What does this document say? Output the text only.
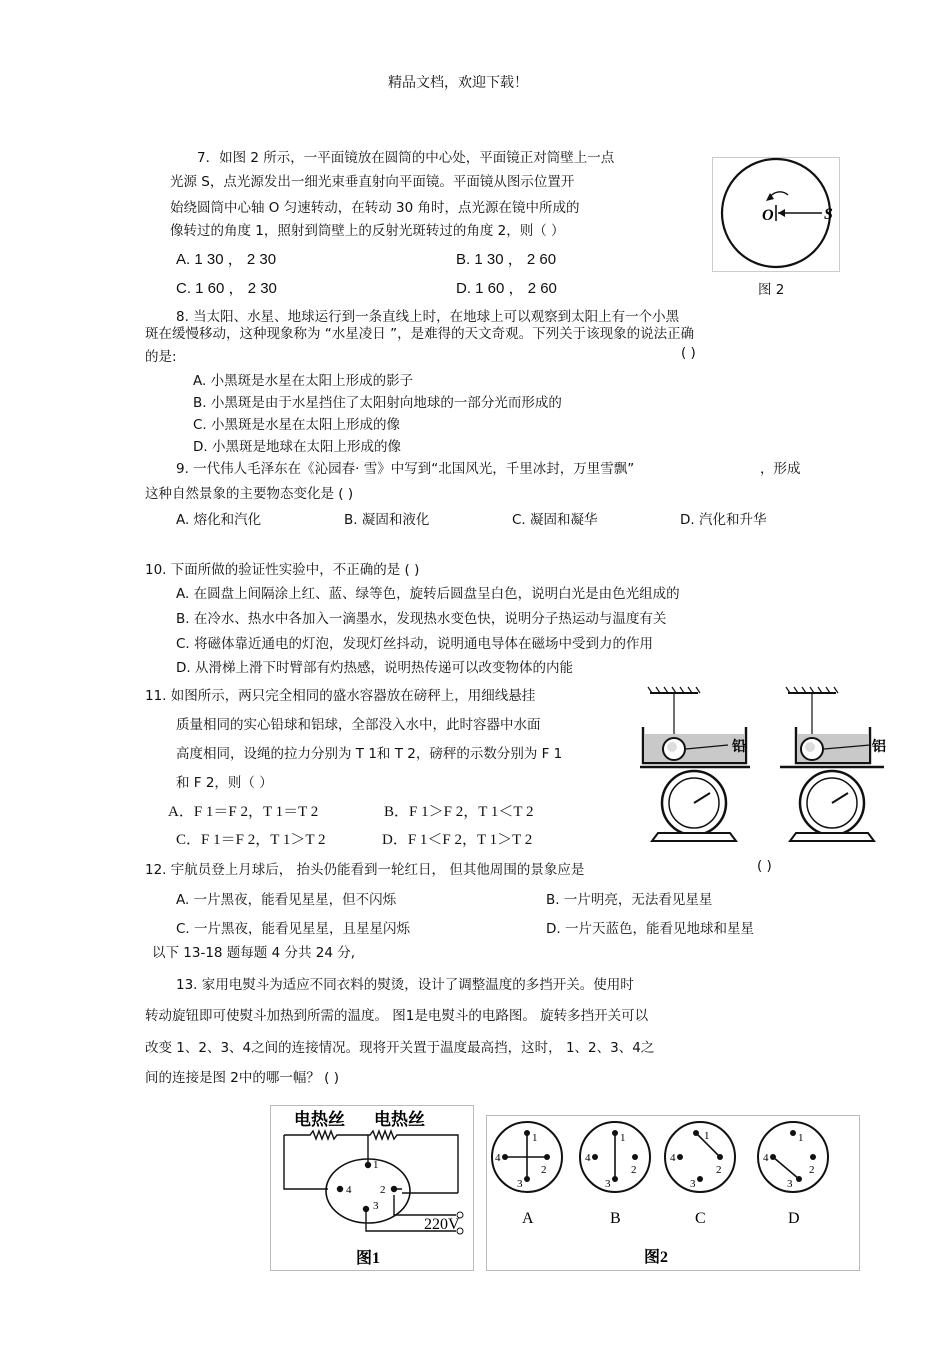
精品文档，欢迎下载！
7．如图 2 所示，一平面镜放在圆筒的中心处，平面镜正对筒壁上一点
光源 S，点光源发出一细光束垂直射向平面镜。平面镜从图示位置开
始绕圆筒中心轴 O 匀速转动，在转动 30 角时，点光源在镜中所成的
像转过的角度 1，照射到筒壁上的反射光斑转过的角度 2，则（ ）
A. 1 30 ， 2 30	B. 1 30 ， 2 60
C. 1 60 ， 2 30	D. 1 60 ， 2 60
O	S
图 2
8. 当太阳、水星、地球运行到一条直线上时，在地球上可以观察到太阳上有一个小黑
斑在缓慢移动，这种现象称为 “水星凌日 ”，是难得的天文奇观。下列关于该现象的说法正确
的是:	( )
A. 小黑斑是水星在太阳上形成的影子
B. 小黑斑是由于水星挡住了太阳射向地球的一部分光而形成的
C. 小黑斑是水星在太阳上形成的像
D. 小黑斑是地球在太阳上形成的像
9. 一代伟人毛泽东在《沁园春· 雪》中写到“北国风光，千里冰封，万里雪飘”	，形成
这种自然景象的主要物态变化是 ( )
A. 熔化和汽化	B. 凝固和液化	C. 凝固和凝华	D. 汽化和升华
10. 下面所做的验证性实验中，不正确的是 ( )
A. 在圆盘上间隔涂上红、蓝、绿等色，旋转后圆盘呈白色，说明白光是由色光组成的
B. 在冷水、热水中各加入一滴墨水，发现热水变色快，说明分子热运动与温度有关
C. 将磁体靠近通电的灯泡，发现灯丝抖动，说明通电导体在磁场中受到力的作用
D. 从滑梯上滑下时臂部有灼热感，说明热传递可以改变物体的内能
11. 如图所示，两只完全相同的盛水容器放在磅秤上，用细线悬挂
质量相同的实心铅球和铝球，全部没入水中，此时容器中水面
高度相同，设绳的拉力分别为 T 1和 T 2，磅秤的示数分别为 F 1
和 F 2，则（ ）
A．F 1＝F 2，T 1＝T 2	B．F 1＞F 2，T 1＜T 2
C．F 1＝F 2，T 1＞T 2	D．F 1＜F 2，T 1＞T 2
铅	铝
12. 宇航员登上月球后， 抬头仍能看到一轮红日， 但其他周围的景象应是	( )
A. 一片黑夜，能看见星星，但不闪烁	B. 一片明亮，无法看见星星
C. 一片黑夜，能看见星星，且星星闪烁	D. 一片天蓝色，能看见地球和星星
以下 13-18 题每题 4 分共 24 分,
13. 家用电熨斗为适应不同衣料的熨烫，设计了调整温度的多挡开关。使用时
转动旋钮即可使熨斗加热到所需的温度。 图1是电熨斗的电路图。 旋转多挡开关可以
改变 1、2、3、4之间的连接情况。现将开关置于温度最高挡，这时， 1、2、3、4之
间的连接是图 2中的哪一幅？ ( )
电热丝 电热丝
1
2
3
4
220V
图1
1
4
3
2
1
4
3
2
1
4
3
2
1
4
3
2
A	B	C	D
图2
